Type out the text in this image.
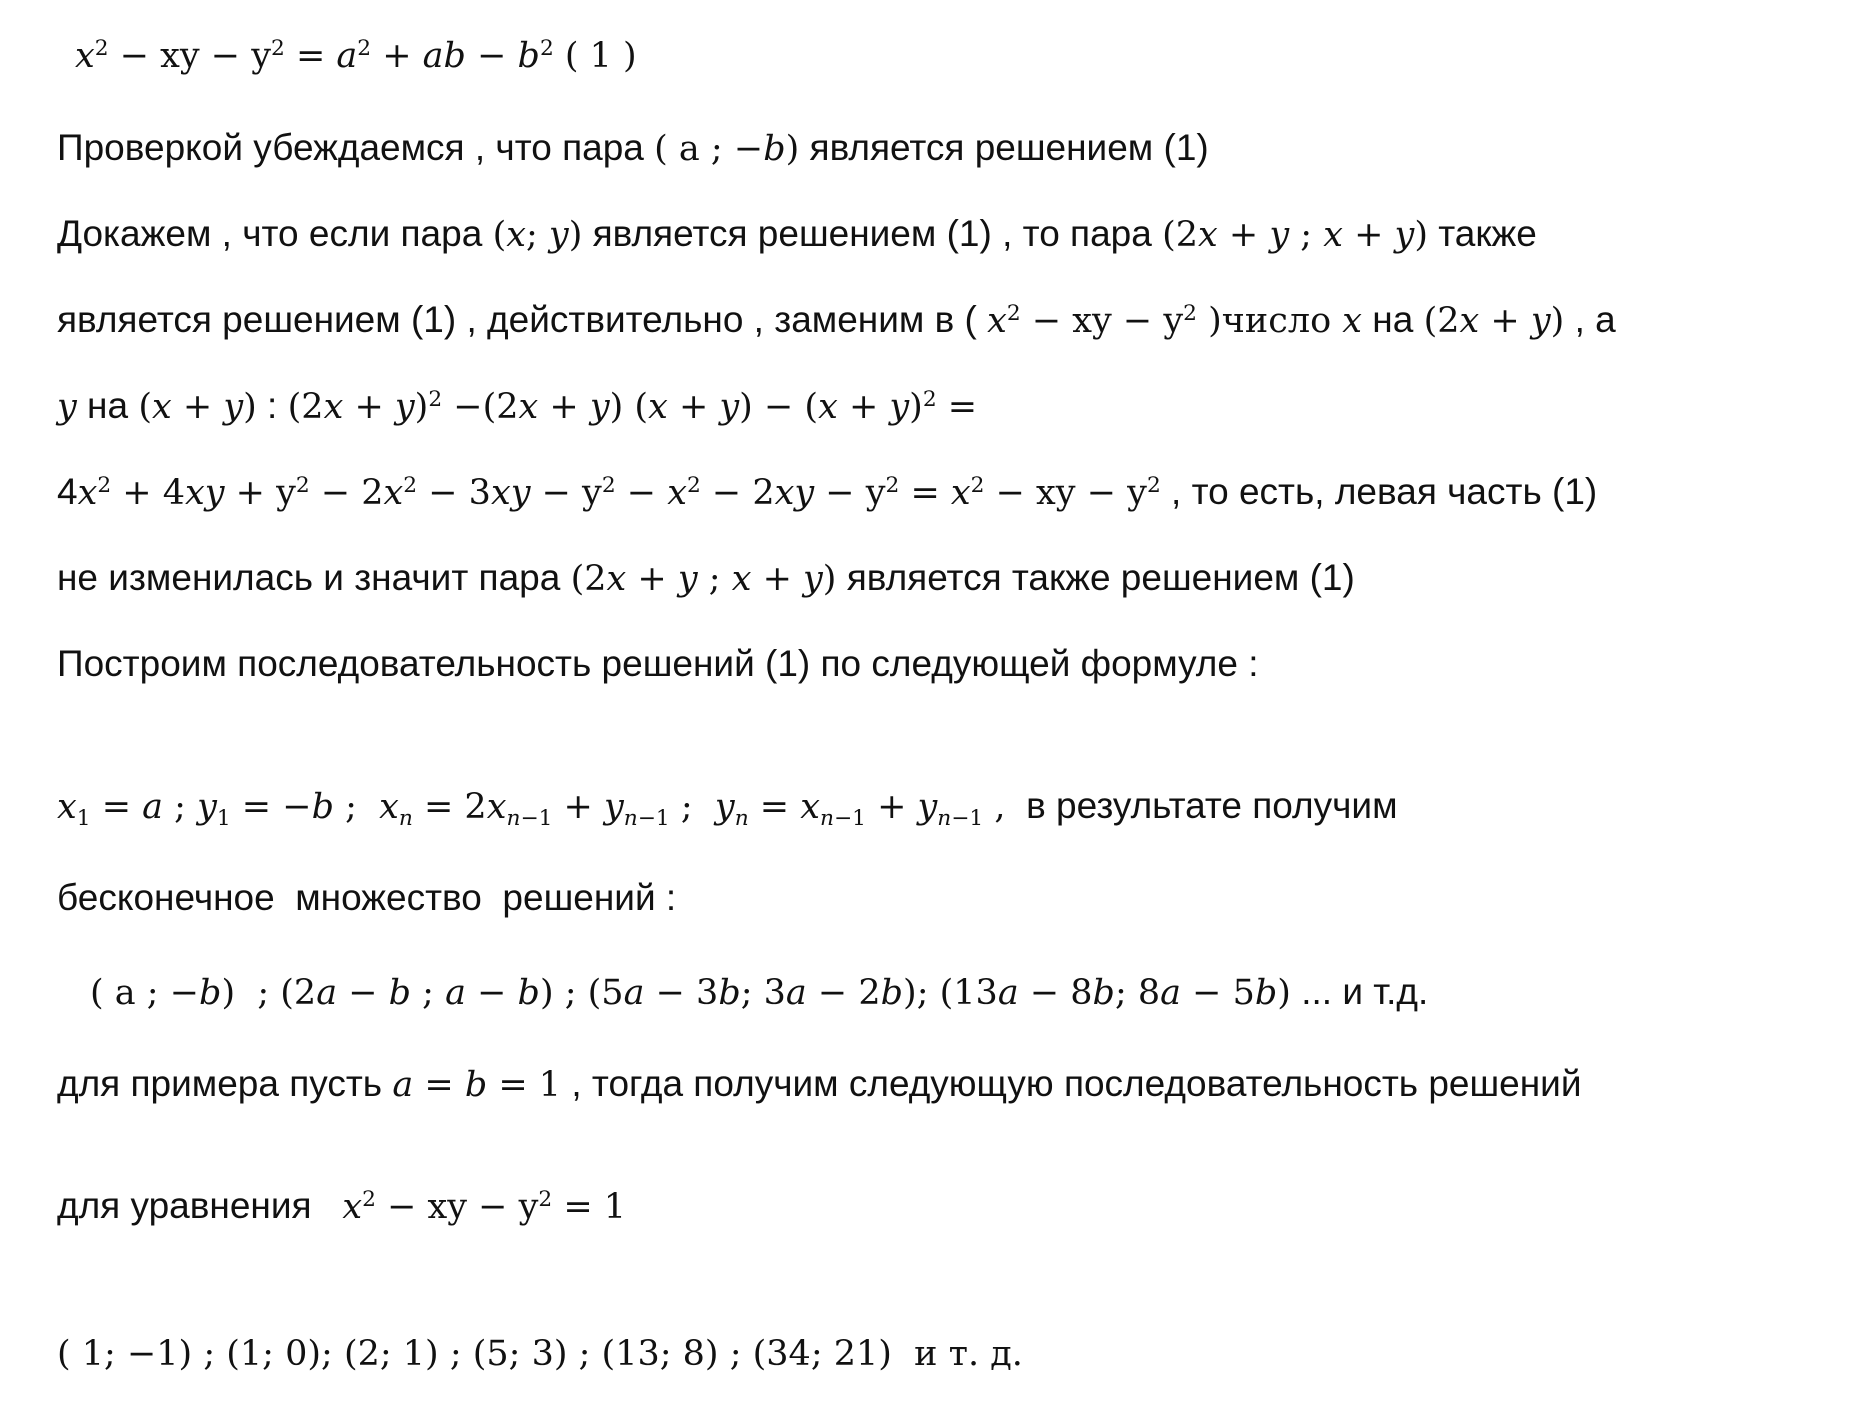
$x^2$ − xy − $y^2 = a^2$ + ab − $b^2$ ( 1 )
Проверкой убеждаемся , что пара ( a ; −b) является решением (1)
Докажем , что если пара (x; y) является решением (1) , то пара (2x + y ; x + y) также
является решением (1) , действительно , заменим в ( $x^2$ − xy − $y^2$ )число x на (2x + y) , а
y на (x + y) : $(2x + y)^2 -(2x + y)$ $(x + y) - (x + y)^2$ =
$4x^2 + 4xy + y^2 - 2x^2 - 3xy - y^2 - x^2 - 2xy - y^2 = x^2$ − xy − $y^2$ , то есть, левая часть (1)
не изменилась и значит пара (2x + y ; x + y) является также решением (1)
Построим последовательность решений (1) по следующей формуле :
$x_1 = a$ ; $y_1 = -b$ ;  $x_n = 2x_{n-1} + y_{n-1}$ ;  $y_n = x_{n-1} + y_{n-1}$ ,  в результате получим
бесконечное  множество  решений :
( a ; −b)  ; (2a − b ; a − b) ; (5a − 3b; 3a − 2b); (13a − 8b; 8a − 5b) ... и т.д.
для примера пусть a = b = 1 , тогда получим следующую последовательность решений
для уравнения   $x^2$ − xy − $y^2 = 1$
( 1; −1) ; (1; 0); (2; 1) ; (5; 3) ; (13; 8) ; (34; 21)  и т. д.
